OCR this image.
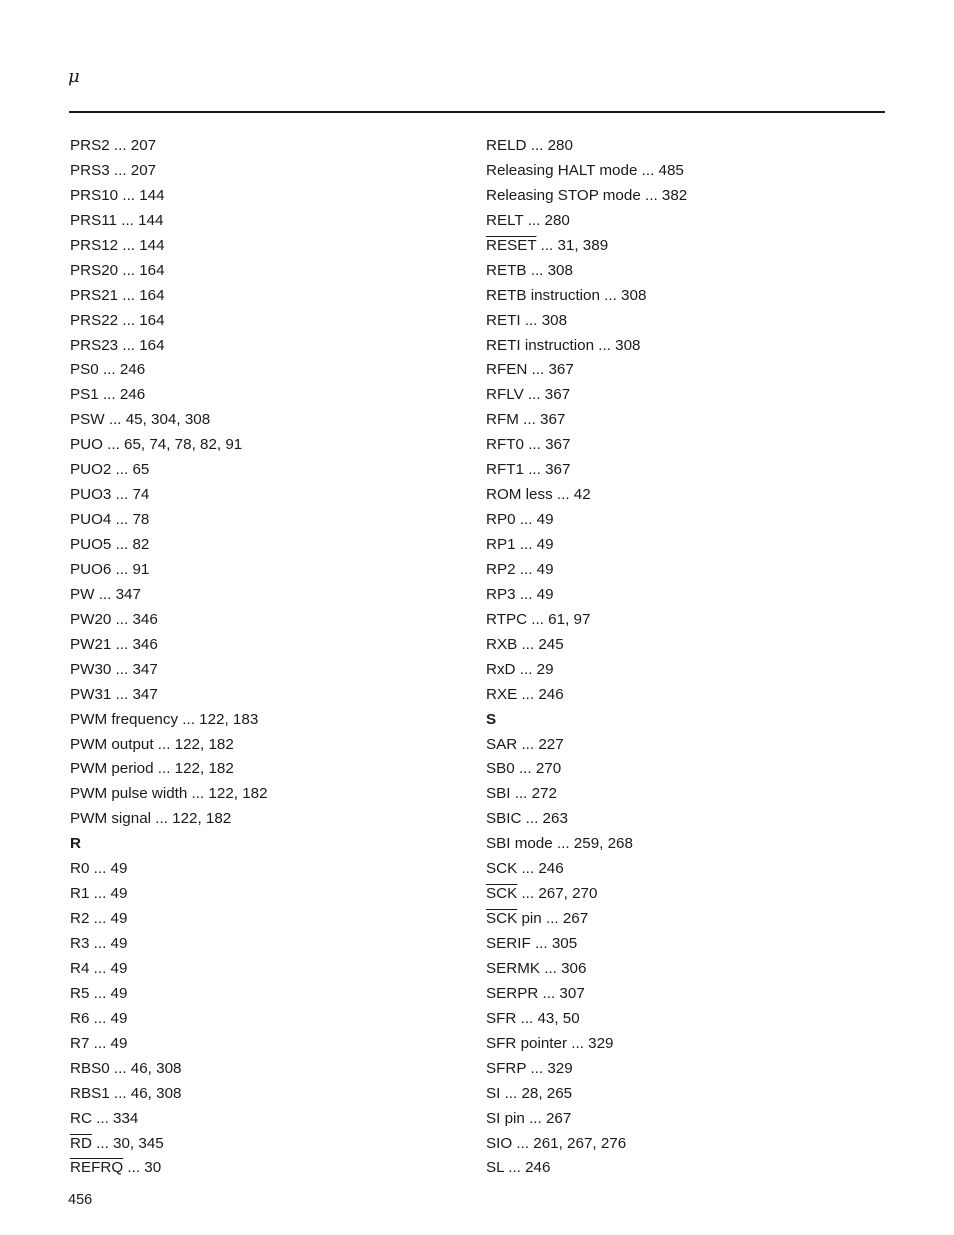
μ
PRS2 ... 207
PRS3 ... 207
PRS10 ... 144
PRS11 ... 144
PRS12 ... 144
PRS20 ... 164
PRS21 ... 164
PRS22 ... 164
PRS23 ... 164
PS0 ... 246
PS1 ... 246
PSW ... 45, 304, 308
PUO ... 65, 74, 78, 82, 91
PUO2 ... 65
PUO3 ... 74
PUO4 ... 78
PUO5 ... 82
PUO6 ... 91
PW ... 347
PW20 ... 346
PW21 ... 346
PW30 ... 347
PW31 ... 347
PWM frequency ... 122, 183
PWM output ... 122, 182
PWM period ... 122, 182
PWM pulse width ... 122, 182
PWM signal ... 122, 182
R
R0 ... 49
R1 ... 49
R2 ... 49
R3 ... 49
R4 ... 49
R5 ... 49
R6 ... 49
R7 ... 49
RBS0 ... 46, 308
RBS1 ... 46, 308
RC ... 334
$\overline{RD}$ ... 30, 345
REFRQ ... 30
RELD ... 280
Releasing HALT mode ... 485
Releasing STOP mode ... 382
RELT ... 280
RESET ... 31, 389
RETB ... 308
RETB instruction ... 308
RETI ... 308
RETI instruction ... 308
RFEN ... 367
RFLV ... 367
RFM ... 367
RFT0 ... 367
RFT1 ... 367
ROM less ... 42
RP0 ... 49
RP1 ... 49
RP2 ... 49
RP3 ... 49
RTPC ... 61, 97
RXB ... 245
RxD ... 29
RXE ... 246
S
SAR ... 227
SB0 ... 270
SBI ... 272
SBIC ... 263
SBI mode ... 259, 268
SCK ... 246
$\overline{SCK}$ ... 267, 270
$\overline{SCK}$ pin ... 267
SERIF ... 305
SERMK ... 306
SERPR ... 307
SFR ... 43, 50
SFR pointer ... 329
SFRP ... 329
SI ... 28, 265
SI pin ... 267
SIO ... 261, 267, 276
SL ... 246
456
